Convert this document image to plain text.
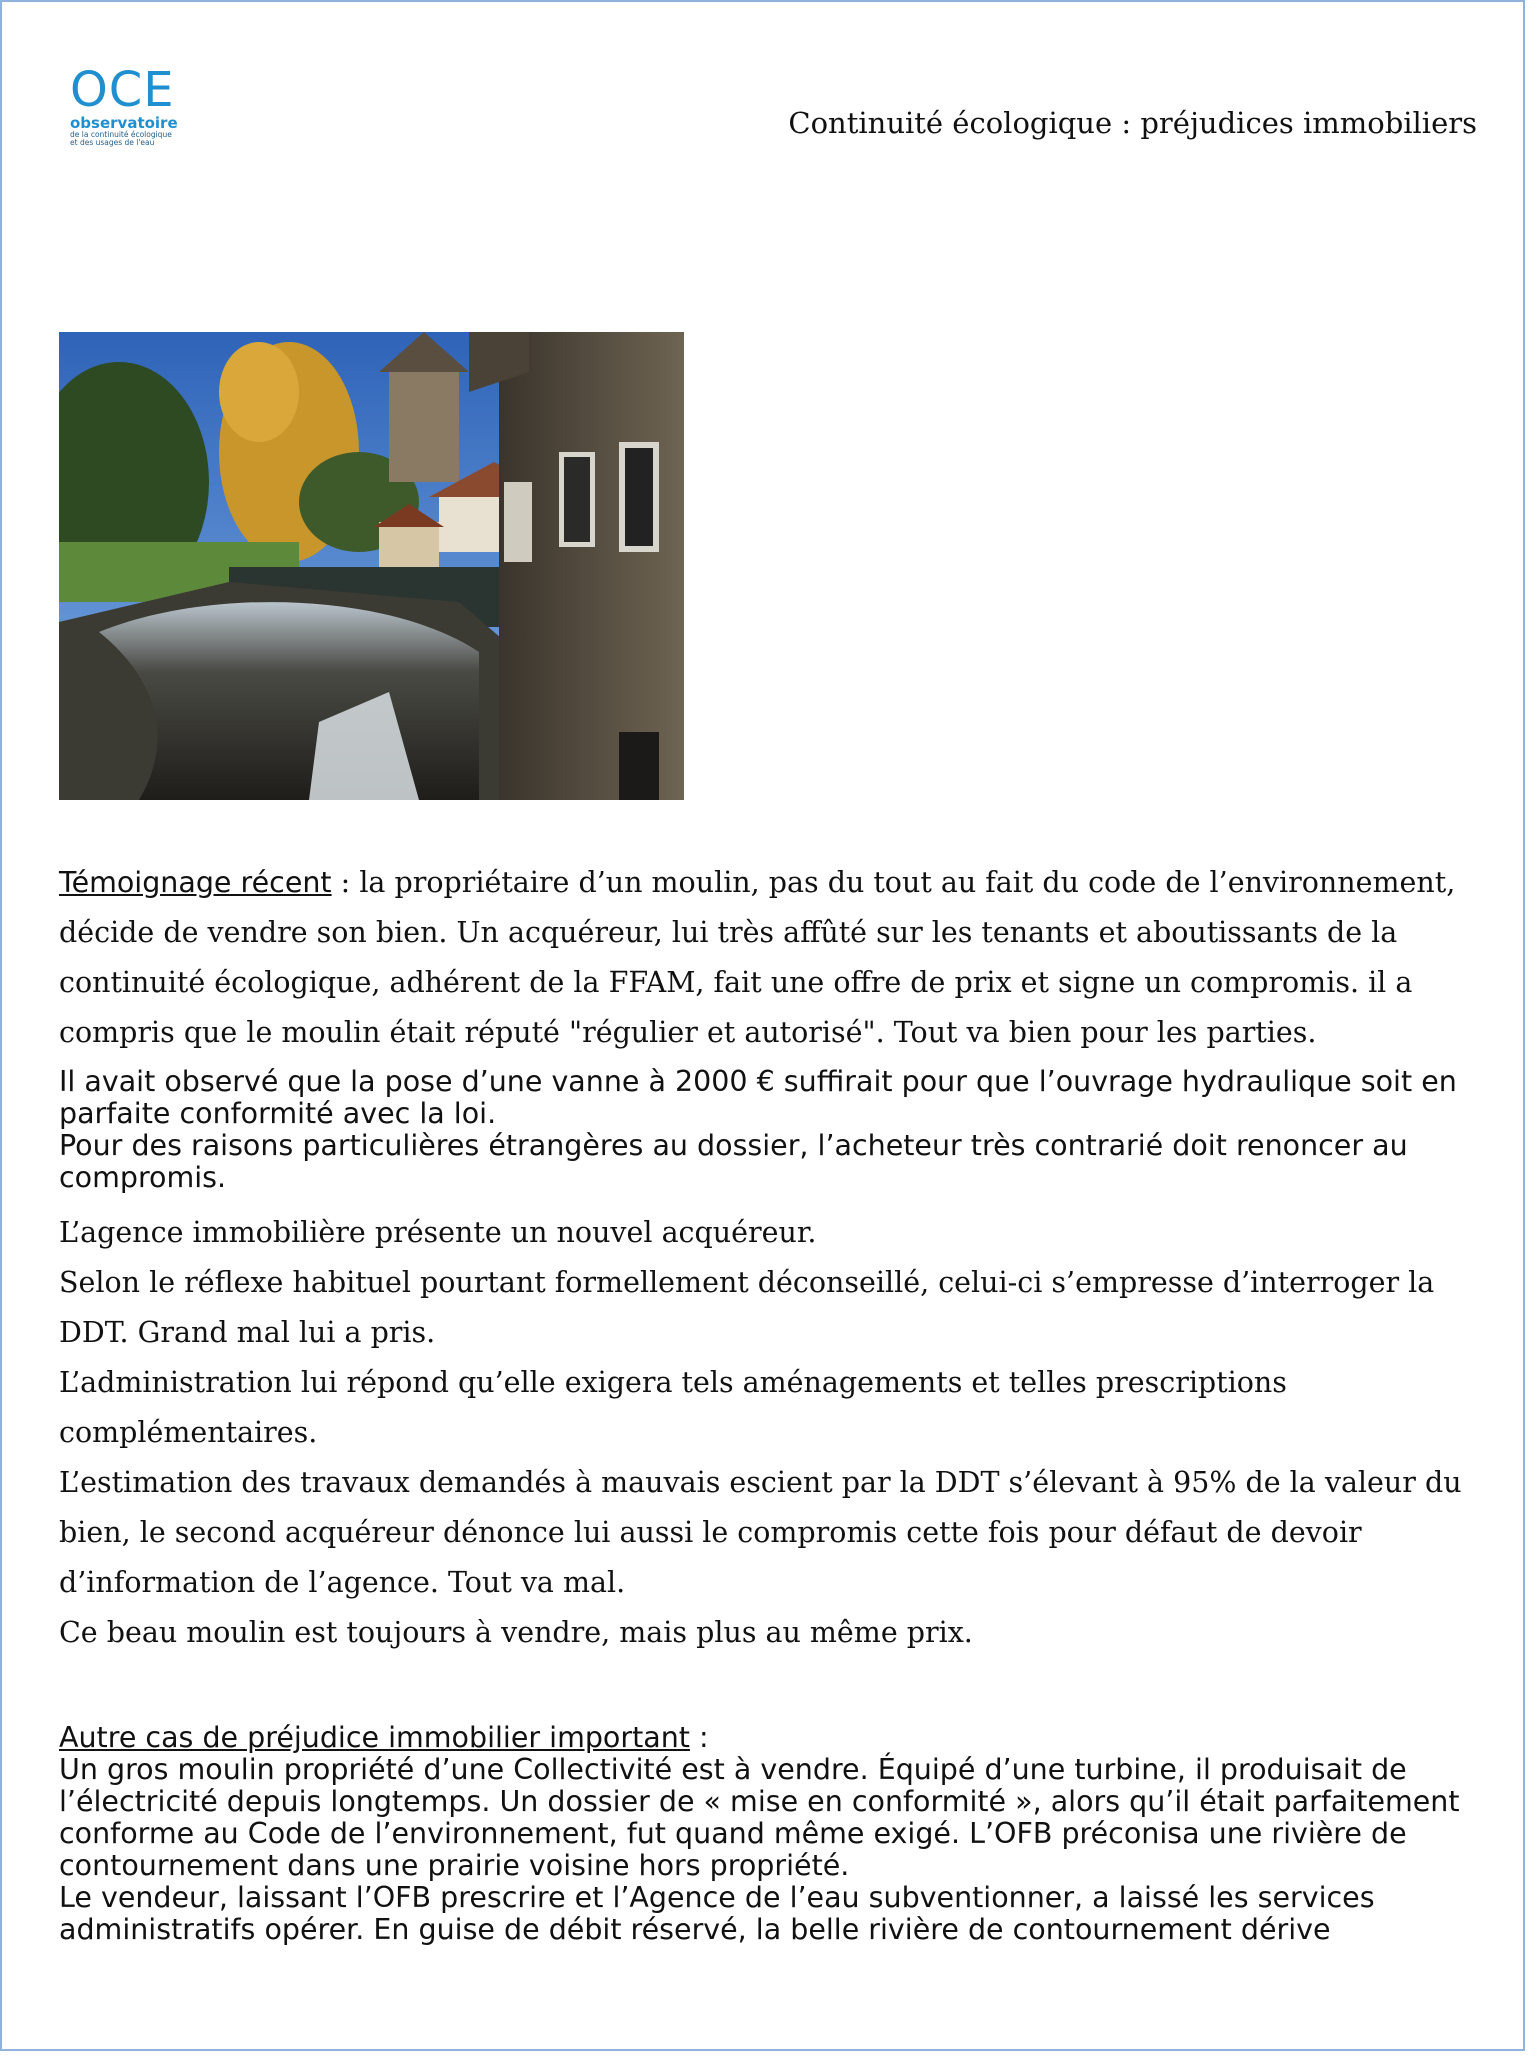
OCE
observatoire
de la continuité écologique et des usages de l'eau
Continuité écologique : préjudices immobiliers

Témoignage récent : la propriétaire d’un moulin, pas du tout au fait du code de l’environnement, décide de vendre son bien. Un acquéreur, lui très affûté sur les tenants et aboutissants de la continuité écologique, adhérent de la FFAM, fait une offre de prix et signe un compromis. il a compris que le moulin était réputé "régulier et autorisé". Tout va bien pour les parties.

Il avait observé que la pose d’une vanne à 2000 € suffirait pour que l’ouvrage hydraulique soit en parfaite conformité avec la loi.

Pour des raisons particulières étrangères au dossier, l’acheteur très contrarié doit renoncer au compromis.

L’agence immobilière présente un nouvel acquéreur.

Selon le réflexe habituel pourtant formellement déconseillé, celui-ci s’empresse d’interroger la DDT. Grand mal lui a pris.

L’administration lui répond qu’elle exigera tels aménagements et telles prescriptions complémentaires.

L’estimation des travaux demandés à mauvais escient par la DDT s’élevant à 95% de la valeur du bien, le second acquéreur dénonce lui aussi le compromis cette fois pour défaut de devoir d’information de l’agence. Tout va mal.

Ce beau moulin est toujours à vendre, mais plus au même prix.

Autre cas de préjudice immobilier important :

Un gros moulin propriété d’une Collectivité est à vendre. Équipé d’une turbine, il produisait de l’électricité depuis longtemps. Un dossier de « mise en conformité », alors qu’il était parfaitement conforme au Code de l’environnement, fut quand même exigé. L’OFB préconisa une rivière de contournement dans une prairie voisine hors propriété.

Le vendeur, laissant l’OFB prescrire et l’Agence de l’eau subventionner, a laissé les services administratifs opérer. En guise de débit réservé, la belle rivière de contournement dérive
